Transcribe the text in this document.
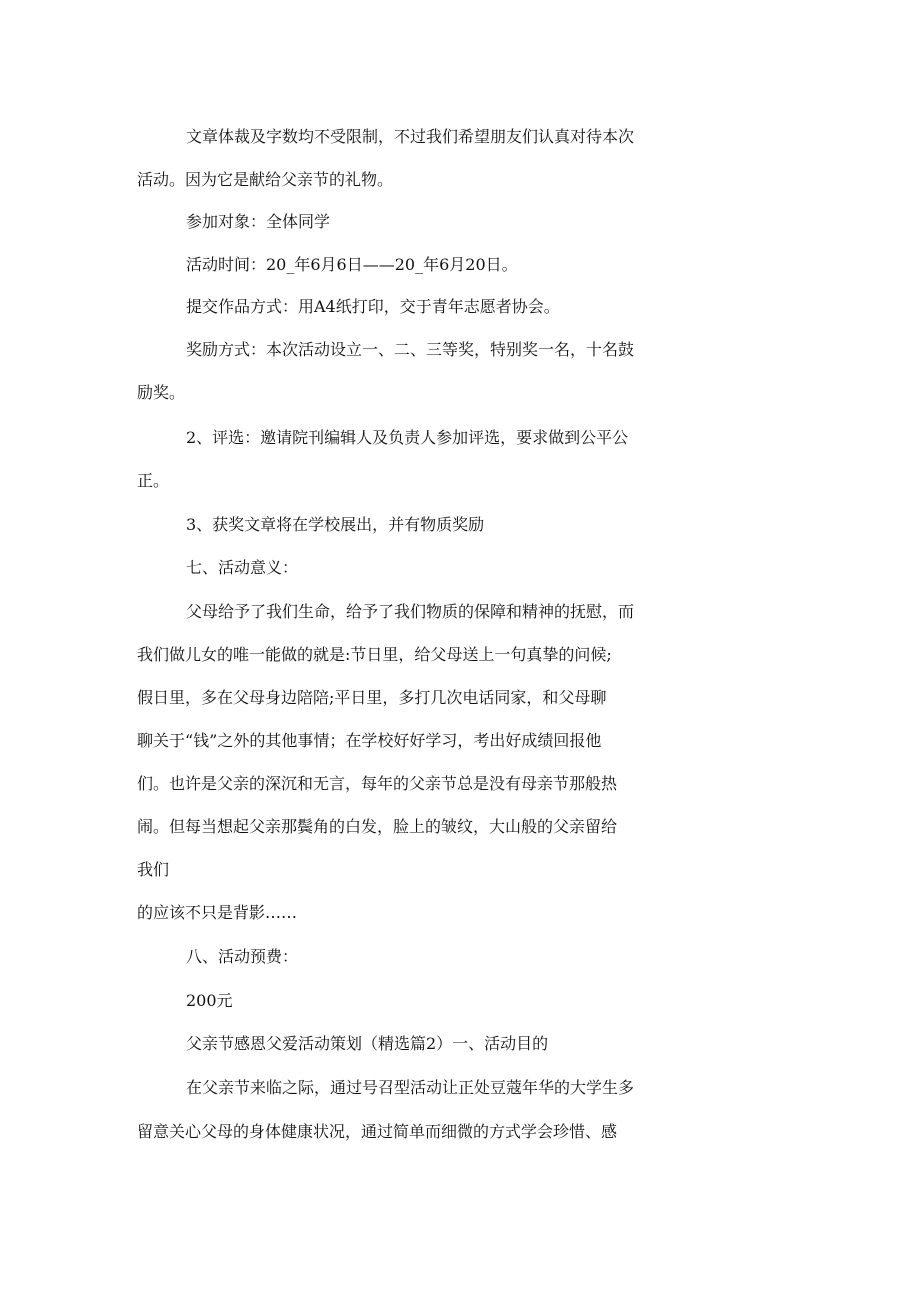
文章体裁及字数均不受限制，不过我们希望朋友们认真对待本次

活动。因为它是献给父亲节的礼物。

参加对象：全体同学

活动时间：20_年6月6日——20_年6月20日。

提交作品方式：用A4纸打印，交于青年志愿者协会。

奖励方式：本次活动设立一、二、三等奖，特别奖一名，十名鼓

励奖。

2、评选：邀请院刊编辑人及负责人参加评选，要求做到公平公

正。

3、获奖文章将在学校展出，并有物质奖励

七、活动意义：

父母给予了我们生命，给予了我们物质的保障和精神的抚慰，而

我们做儿女的唯一能做的就是:节日里，给父母送上一句真挚的问候;

假日里，多在父母身边陪陪;平日里，多打几次电话同家，和父母聊

聊关于“钱”之外的其他事情；在学校好好学习，考出好成绩回报他

们。也许是父亲的深沉和无言，每年的父亲节总是没有母亲节那般热

闹。但每当想起父亲那鬓角的白发，脸上的皱纹，大山般的父亲留给

我们

的应该不只是背影……

八、活动预费：

200元

父亲节感恩父爱活动策划（精选篇2）一、活动目的

在父亲节来临之际，通过号召型活动让正处豆蔻年华的大学生多

留意关心父母的身体健康状况，通过简单而细微的方式学会珍惜、感
